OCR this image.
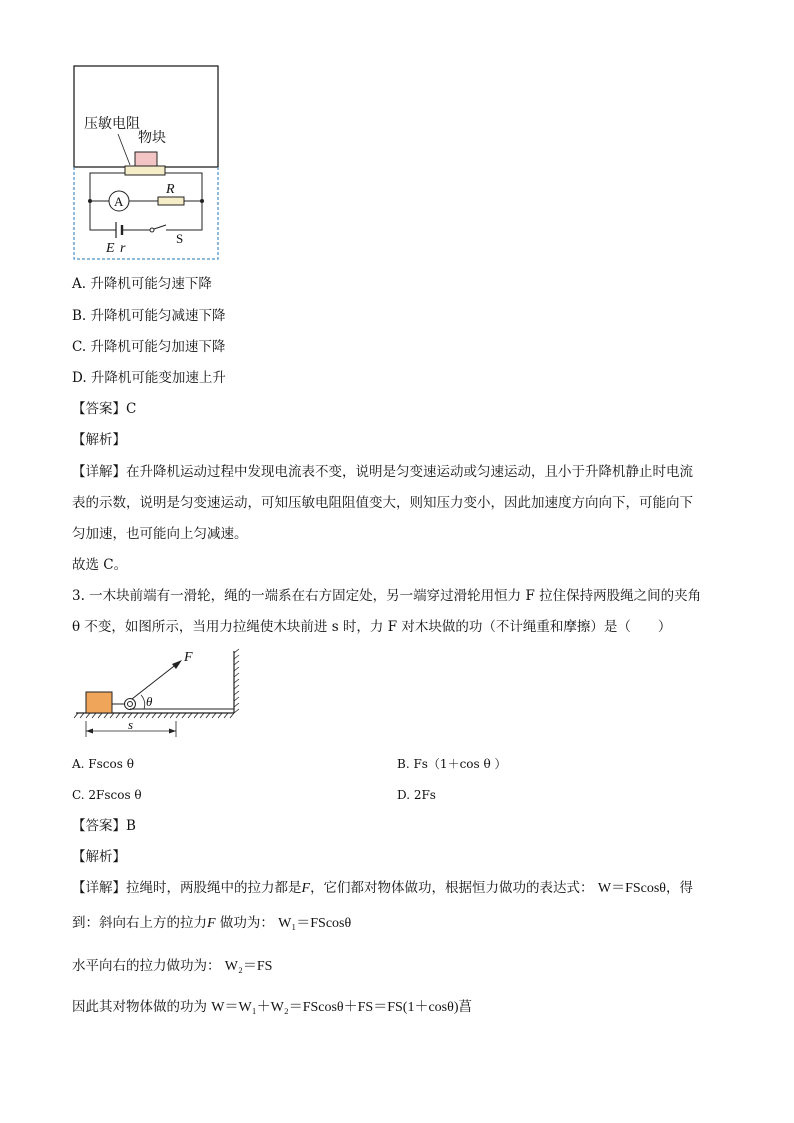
压敏电阻
物块
A
R
E r
S
A. 升降机可能匀速下降
B. 升降机可能匀减速下降
C. 升降机可能匀加速下降
D. 升降机可能变加速上升
【答案】C
【解析】
【详解】在升降机运动过程中发现电流表不变，说明是匀变速运动或匀速运动，且小于升降机静止时电流
表的示数，说明是匀变速运动，可知压敏电阻阻值变大，则知压力变小，因此加速度方向向下，可能向下
匀加速，也可能向上匀减速。
故选 C。
3. 一木块前端有一滑轮，绳的一端系在右方固定处，另一端穿过滑轮用恒力 F 拉住保持两股绳之间的夹角
θ 不变，如图所示，当用力拉绳使木块前进 s 时，力 F 对木块做的功（不计绳重和摩擦）是（　　）
F
θ
s
A. Fscos θ	B. Fs（1＋cos θ ）
C. 2Fscos θ	D. 2Fs
【答案】B
【解析】
【详解】拉绳时，两股绳中的拉力都是F，它们都对物体做功，根据恒力做功的表达式： W＝FScosθ，得
到：斜向右上方的拉力F 做功为： W₁＝FScosθ
水平向右的拉力做功为： W₂＝FS
因此其对物体做的功为 W＝W₁＋W₂＝FScosθ＋FS＝FS(1＋cosθ)菖
